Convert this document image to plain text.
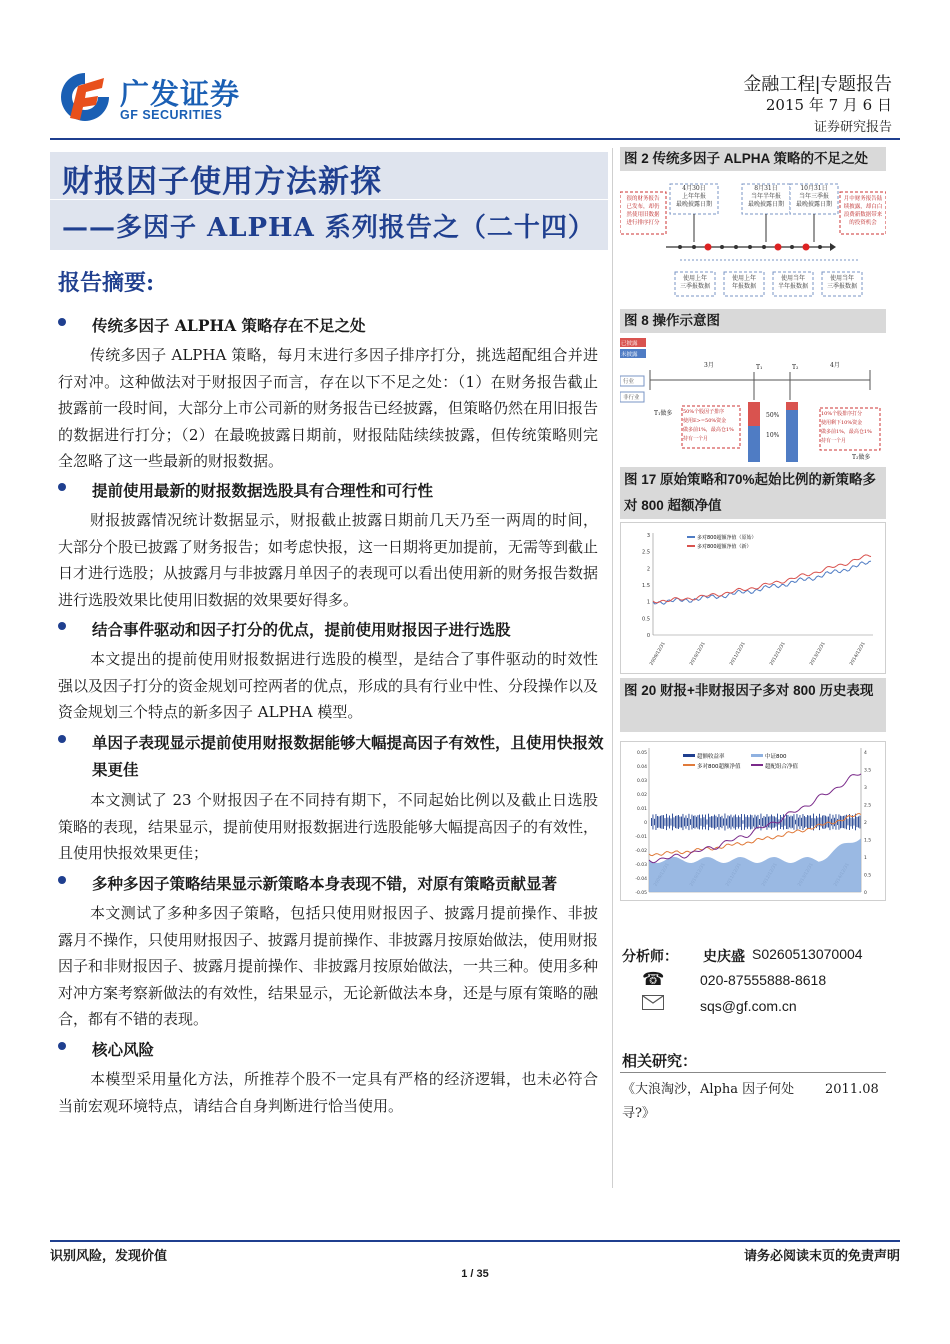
广发证券
GF SECURITIES
金融工程|专题报告
2015 年 7 月 6 日
证券研究报告
财报因子使用方法新探
——多因子 ALPHA 系列报告之（二十四）
报告摘要:
传统多因子 ALPHA 策略存在不足之处
传统多因子 ALPHA 策略，每月末进行多因子排序打分，挑选超配组合并进行对冲。这种做法对于财报因子而言，存在以下不足之处：（1）在财务报告截止披露前一段时间，大部分上市公司新的财务报告已经披露，但策略仍然在用旧报告的数据进行打分；（2）在最晚披露日期前，财报陆陆续续披露，但传统策略则完全忽略了这一些最新的财报数据。
提前使用最新的财报数据选股具有合理性和可行性
财报披露情况统计数据显示，财报截止披露日期前几天乃至一两周的时间，大部分个股已披露了财务报告；如考虑快报，这一日期将更加提前，无需等到截止日才进行选股；从披露月与非披露月单因子的表现可以看出使用新的财务报告数据进行选股效果比使用旧数据的效果要好得多。
结合事件驱动和因子打分的优点，提前使用财报因子进行选股
本文提出的提前使用财报数据进行选股的模型，是结合了事件驱动的时效性强以及因子打分的资金规划可控两者的优点，形成的具有行业中性、分段操作以及资金规划三个特点的新多因子 ALPHA 模型。
单因子表现显示提前使用财报数据能够大幅提高因子有效性，且使用快报效果更佳
本文测试了 23 个财报因子在不同持有期下，不同起始比例以及截止日选股策略的表现，结果显示，提前使用财报数据进行选股能够大幅提高因子的有效性，且使用快报效果更佳；
多种多因子策略结果显示新策略本身表现不错，对原有策略贡献显著
本文测试了多种多因子策略，包括只使用财报因子、披露月提前操作、非披露月不操作，只使用财报因子、披露月提前操作、非披露月按原始做法，使用财报因子和非财报因子、披露月提前操作、非披露月按原始做法，一共三种。使用多种对冲方案考察新做法的有效性，结果显示，无论新做法本身，还是与原有策略的融合，都有不错的表现。
核心风险
本模型采用量化方法，所推荐个股不一定具有严格的经济逻辑，也未必符合当前宏观环境特点，请结合自身判断进行恰当使用。
图 2 传统多因子 ALPHA 策略的不足之处
4月30日
上年年报
最晚披露日期
8月31日
当年半年报
最晚披露日期
10月31日
当年三季报
最晚披露日期
很的财务报告
已发布，却仍
然使用旧数据
进行排序打分
月中财务报告陆
续披露，却白白
浪费新数据带来
的投资机会
使用上年
三季报数据
使用上年
年报数据
使用当年
半年报数据
使用当年
三季报数据
图 8 操作示意图
已披露
未披露
3月	T₁	T₂	4月
行业
非行业
T₁做多
T₂做多
50%个股因子排序
使用E>=50%资金
做多前1%，最高仓1%
持有一个月
10%个股排序打分
使用剩下10%资金
做多前1%，最高仓1%
持有一个月
50%
10%
图 17 原始策略和70%起始比例的新策略多对 800 超额净值
多对800超额净值（原始）
多对800超额净值（新）
0
0.5
1
1.5
2
2.5
3
2009/12/31	2010/12/31	2011/12/31	2012/12/31	2013/12/31	2014/12/31
图 20 财报+非财报因子多对 800 历史表现
超额收益率	中证800
多对800超额净值	超配组合净值
0.05
0.04
0.03
0.02
0.01
0
-0.01
-0.02
-0.03
-0.04
-0.05
4
3.5
3
2.5
2
1.5
1
0.5
0
分析师： 史庆盛 S0260513070004
☎	020-87555888-8618
sqs@gf.com.cn
相关研究：
《大浪淘沙，Alpha 因子何处寻?》
2011.08
识别风险，发现价值	请务必阅读末页的免责声明
1 / 35
